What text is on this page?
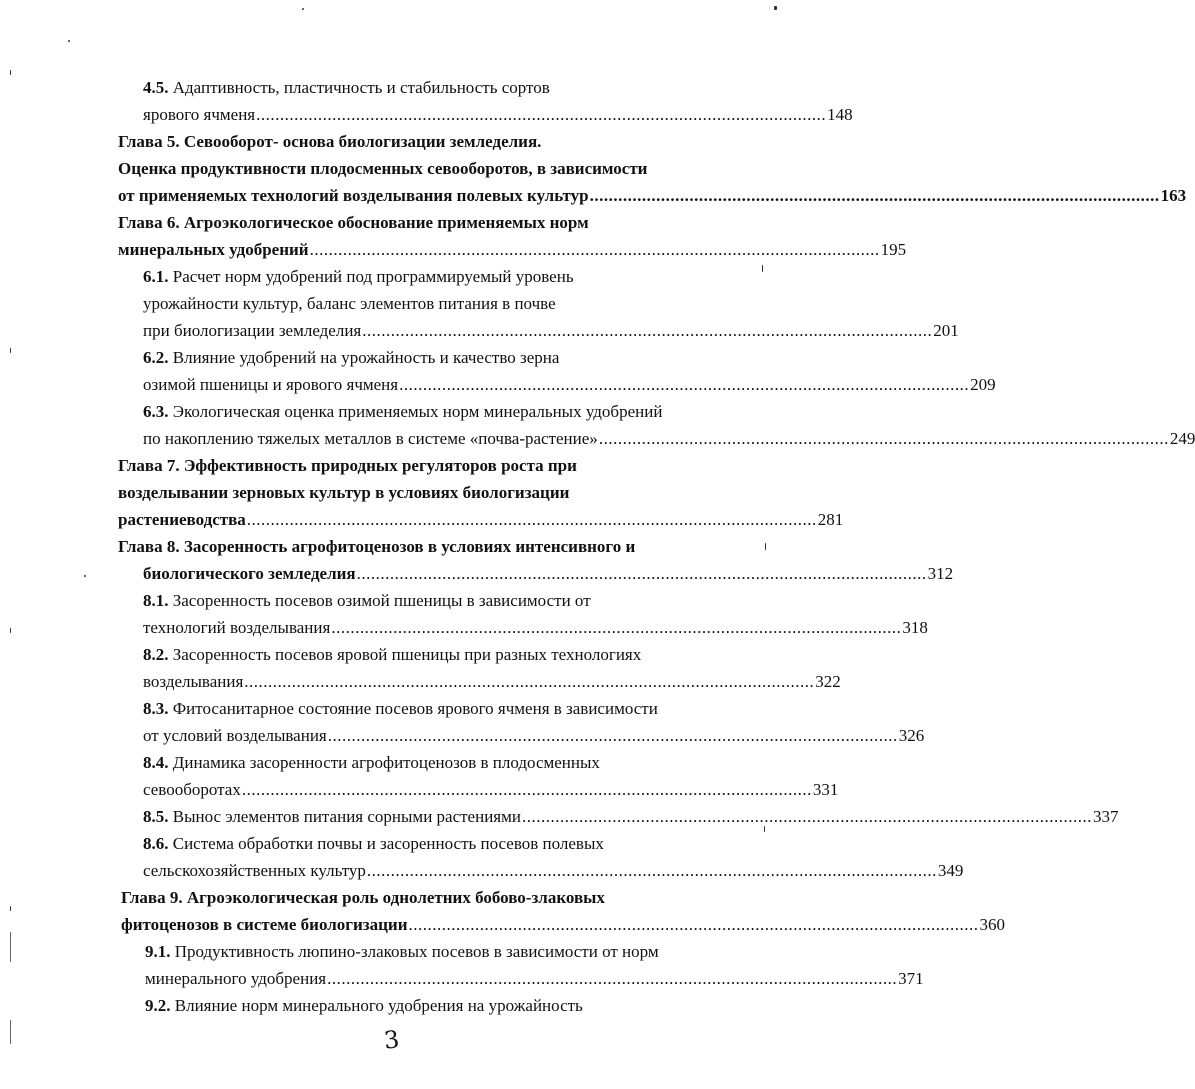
4.5. Адаптивность, пластичность и стабильность сортов
ярового ячменя ........................................................................................................................ 148
Глава 5. Севооборот- основа биологизации земледелия.
Оценка продуктивности плодосменных севооборотов, в зависимости
от применяемых технологий возделывания полевых культур ........................................................................................................................ 163
Глава 6. Агроэкологическое обоснование применяемых норм
минеральных удобрений ........................................................................................................................ 195
6.1. Расчет норм удобрений под программируемый уровень
урожайности культур, баланс элементов питания в почве
при биологизации земледелия ........................................................................................................................ 201
6.2. Влияние удобрений на урожайность и качество зерна
озимой пшеницы и ярового ячменя ........................................................................................................................ 209
6.3. Экологическая оценка применяемых норм минеральных удобрений
по накоплению тяжелых металлов в системе «почва-растение» ........................................................................................................................ 249
Глава 7. Эффективность природных регуляторов роста при
возделывании зерновых культур в условиях биологизации
растениеводства ........................................................................................................................ 281
Глава 8. Засоренность агрофитоценозов в условиях интенсивного и
биологического земледелия ........................................................................................................................ 312
8.1. Засоренность посевов озимой пшеницы в зависимости от
технологий возделывания ........................................................................................................................ 318
8.2. Засоренность посевов яровой пшеницы при разных технологиях
возделывания ........................................................................................................................ 322
8.3. Фитосанитарное состояние посевов ярового ячменя в зависимости
от условий возделывания ........................................................................................................................ 326
8.4. Динамика засоренности агрофитоценозов в плодосменных
севооборотах ........................................................................................................................ 331
8.5. Вынос элементов питания сорными растениями ........................................................................................................................ 337
8.6. Система обработки почвы и засоренность посевов полевых
сельскохозяйственных культур ........................................................................................................................ 349
Глава 9. Агроэкологическая роль однолетних бобово-злаковых
фитоценозов в системе биологизации ........................................................................................................................ 360
9.1. Продуктивность люпино-злаковых посевов в зависимости от норм
минерального удобрения ........................................................................................................................ 371
9.2. Влияние норм минерального удобрения на урожайность
3
